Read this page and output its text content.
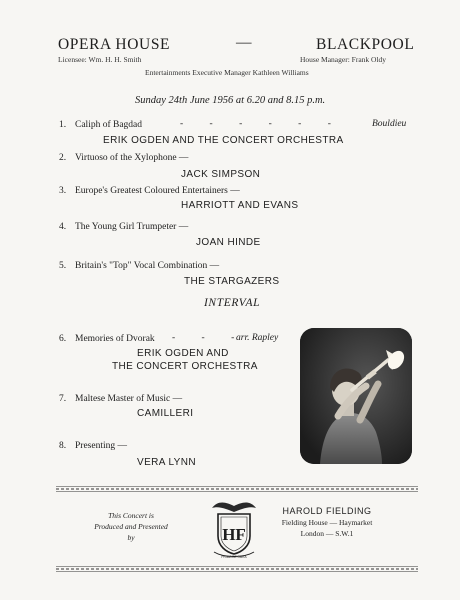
OPERA HOUSE	—	BLACKPOOL
Licensee: Wm. H. H. Smith	House Manager: Frank Oldy
Entertainments Executive Manager Kathleen Williams
Sunday 24th June 1956 at 6.20 and 8.15 p.m.
1. Caliph of Bagdad	- - - - - -	Bouldieu
ERIK OGDEN AND THE CONCERT ORCHESTRA
2. Virtuoso of the Xylophone —
JACK SIMPSON
3. Europe's Greatest Coloured Entertainers —
HARRIOTT AND EVANS
4. The Young Girl Trumpeter —
JOAN HINDE
5. Britain's "Top" Vocal Combination —
THE STARGAZERS
INTERVAL
6. Memories of Dvorak - - -
arr. Rapley
ERIK OGDEN AND
THE CONCERT ORCHESTRA
7. Maltese Master of Music —
CAMILLERI
8. Presenting —
VERA LYNN
This Concert is
Produced and Presented
by	HF
PRIMA DE OBRA
HAROLD FIELDING
Fielding House — Haymarket
London — S.W.1
